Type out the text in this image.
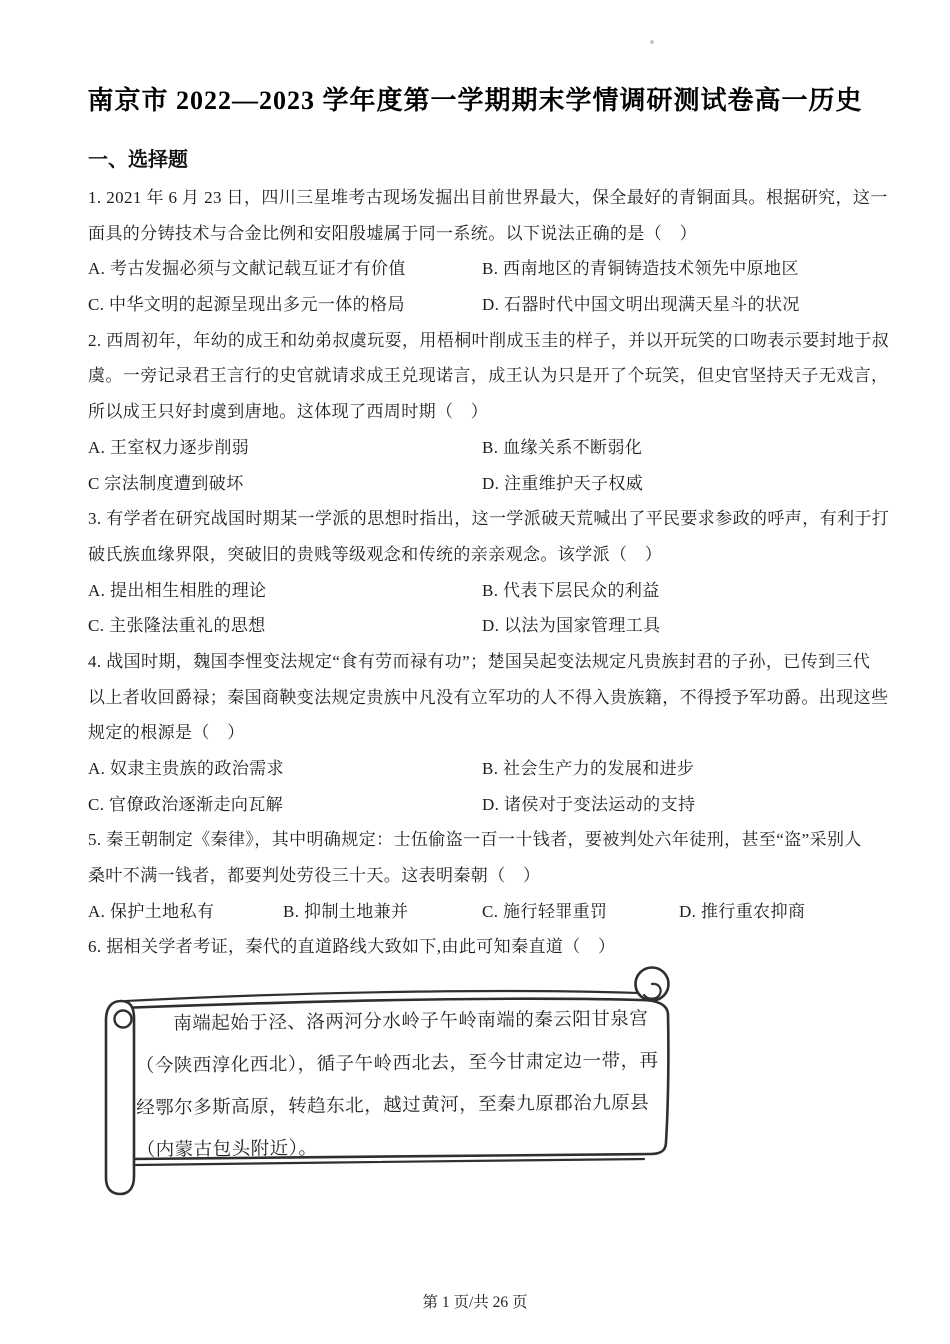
南京市 2022—2023 学年度第一学期期末学情调研测试卷高一历史
一、选择题
1. 2021 年 6 月 23 日，四川三星堆考古现场发掘出目前世界最大，保全最好的青铜面具。根据研究，这一
面具的分铸技术与合金比例和安阳殷墟属于同一系统。以下说法正确的是（　）
A. 考古发掘必须与文献记载互证才有价值	B. 西南地区的青铜铸造技术领先中原地区
C. 中华文明的起源呈现出多元一体的格局	D. 石器时代中国文明出现满天星斗的状况
2. 西周初年，年幼的成王和幼弟叔虞玩耍，用梧桐叶削成玉圭的样子，并以开玩笑的口吻表示要封地于叔
虞。一旁记录君王言行的史官就请求成王兑现诺言，成王认为只是开了个玩笑，但史官坚持天子无戏言，
所以成王只好封虞到唐地。这体现了西周时期（　）
A. 王室权力逐步削弱	B. 血缘关系不断弱化
C 宗法制度遭到破坏	D. 注重维护天子权威
3. 有学者在研究战国时期某一学派的思想时指出，这一学派破天荒喊出了平民要求参政的呼声，有利于打
破氏族血缘界限，突破旧的贵贱等级观念和传统的亲亲观念。该学派（　）
A. 提出相生相胜的理论	B. 代表下层民众的利益
C. 主张隆法重礼的思想	D. 以法为国家管理工具
4. 战国时期，魏国李悝变法规定“食有劳而禄有功”；楚国吴起变法规定凡贵族封君的子孙，已传到三代
以上者收回爵禄；秦国商鞅变法规定贵族中凡没有立军功的人不得入贵族籍，不得授予军功爵。出现这些
规定的根源是（　）
A. 奴隶主贵族的政治需求	B. 社会生产力的发展和进步
C. 官僚政治逐渐走向瓦解	D. 诸侯对于变法运动的支持
5. 秦王朝制定《秦律》，其中明确规定：士伍偷盗一百一十钱者，要被判处六年徒刑，甚至“盗”采别人
桑叶不满一钱者，都要判处劳役三十天。这表明秦朝（　）
A. 保护土地私有	B. 抑制土地兼并	C. 施行轻罪重罚	D. 推行重农抑商
6. 据相关学者考证，秦代的直道路线大致如下,由此可知秦直道（　）
南端起始于泾、洛两河分水岭子午岭南端的秦云阳甘泉宫
（今陕西淳化西北），循子午岭西北去，至今甘肃定边一带，再
经鄂尔多斯高原，转趋东北，越过黄河，至秦九原郡治九原县
（内蒙古包头附近）。
第 1 页/共 26 页
